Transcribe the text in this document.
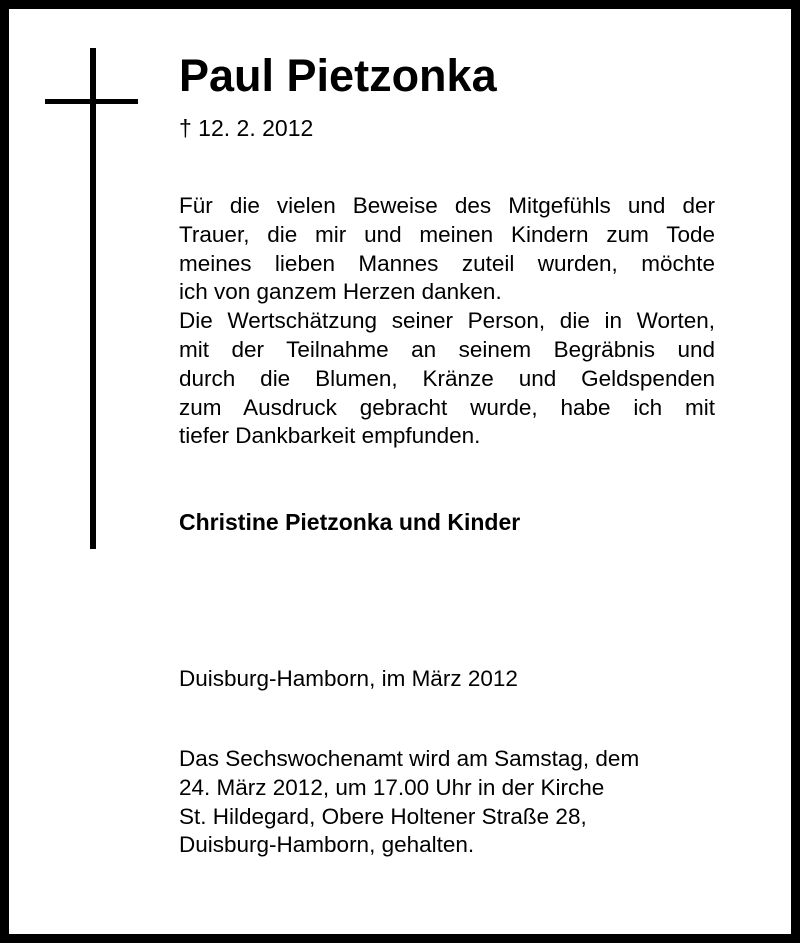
Paul Pietzonka
† 12. 2. 2012
Für die vielen Beweise des Mitgefühls und der
Trauer, die mir und meinen Kindern zum Tode
meines lieben Mannes zuteil wurden, möchte
ich von ganzem Herzen danken.
Die Wertschätzung seiner Person, die in Worten,
mit der Teilnahme an seinem Begräbnis und
durch die Blumen, Kränze und Geldspenden
zum Ausdruck gebracht wurde, habe ich mit
tiefer Dankbarkeit empfunden.
Christine Pietzonka und Kinder
Duisburg-Hamborn, im März 2012
Das Sechswochenamt wird am Samstag, dem
24. März 2012, um 17.00 Uhr in der Kirche
St. Hildegard, Obere Holtener Straße 28,
Duisburg-Hamborn, gehalten.
